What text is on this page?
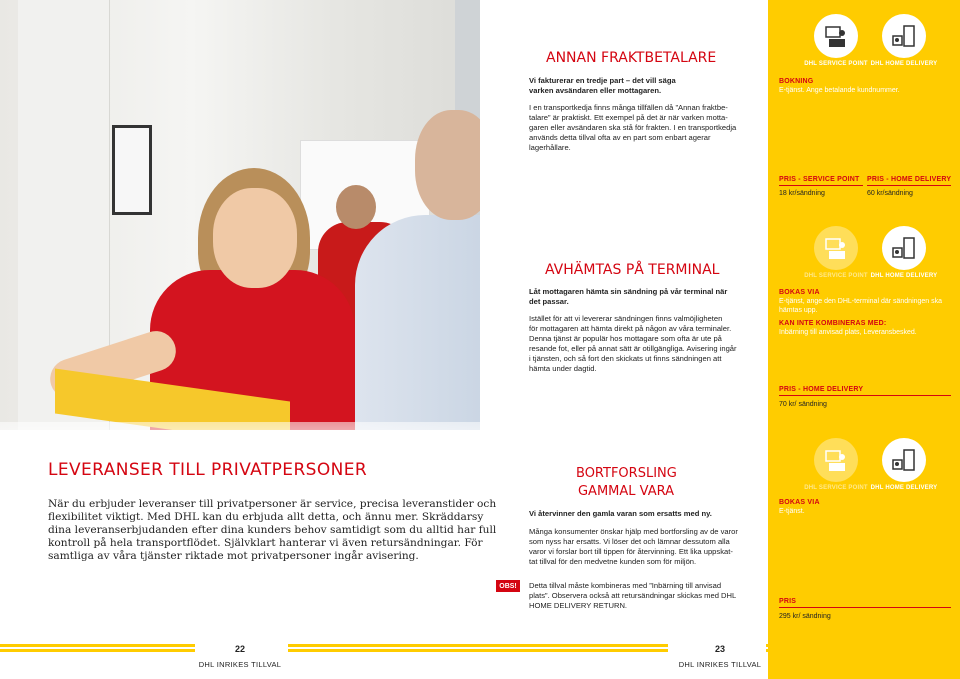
DHL SERVICE POINT DHL HOME DELIVERY
ANNAN FRAKTBETALARE
Vi fakturerar en tredje part – det vill säga
varken avsändaren eller mottagaren.
I en transportkedja finns många tillfällen då ”Annan fraktbe-
talare” är praktiskt. Ett exempel på det är när varken motta-
garen eller avsändaren ska stå för frakten. I en transportkedja
används detta tillval ofta av en part som enbart agerar
lagerhållare.
BOKNING
E-tjänst. Ange betalande kundnummer.
PRIS - SERVICE POINT
18 kr/sändning
PRIS - HOME DELIVERY
60 kr/sändning
DHL SERVICE POINT DHL HOME DELIVERY
AVHÄMTAS PÅ TERMINAL
Låt mottagaren hämta sin sändning på vår terminal när
det passar.
Istället för att vi levererar sändningen finns valmöjligheten
för mottagaren att hämta direkt på någon av våra terminaler.
Denna tjänst är populär hos mottagare som ofta är ute på
resande fot, eller på annat sätt är otillgängliga. Avisering ingår
i tjänsten, och så fort den skickats ut finns sändningen att
hämta under dagtid.
BOKAS VIA
E-tjänst, ange den DHL-terminal där sändningen ska
hämtas upp.
KAN INTE KOMBINERAS MED:
Inbärning till anvisad plats, Leveransbesked.
PRIS - HOME DELIVERY
70 kr/ sändning
LEVERANSER TILL PRIVATPERSONER
När du erbjuder leveranser till privatpersoner är service, precisa leveranstider och
flexibilitet viktigt. Med DHL kan du erbjuda allt detta, och ännu mer. Skräddarsy
dina leveranserbjudanden efter dina kunders behov samtidigt som du alltid har full
kontroll på hela transportflödet. Självklart hanterar vi även retursändningar. För
samtliga av våra tjänster riktade mot privatpersoner ingår avisering.
DHL SERVICE POINT DHL HOME DELIVERY
BORTFORSLING
GAMMAL VARA
Vi återvinner den gamla varan som ersatts med ny.
Många konsumenter önskar hjälp med bortforsling av de varor
som nyss har ersatts. Vi löser det och lämnar dessutom alla
varor vi forslar bort till tippen för återvinning. Ett lika uppskat-
tat tillval för den medvetne kunden som för miljön.
OBS!	Detta tillval måste kombineras med ”Inbärning till anvisad
plats”. Observera också att retursändningar skickas med DHL
HOME DELIVERY RETURN.
BOKAS VIA
E-tjänst.
PRIS
295 kr/ sändning
22
DHL INRIKES TILLVAL
23
DHL INRIKES TILLVAL
